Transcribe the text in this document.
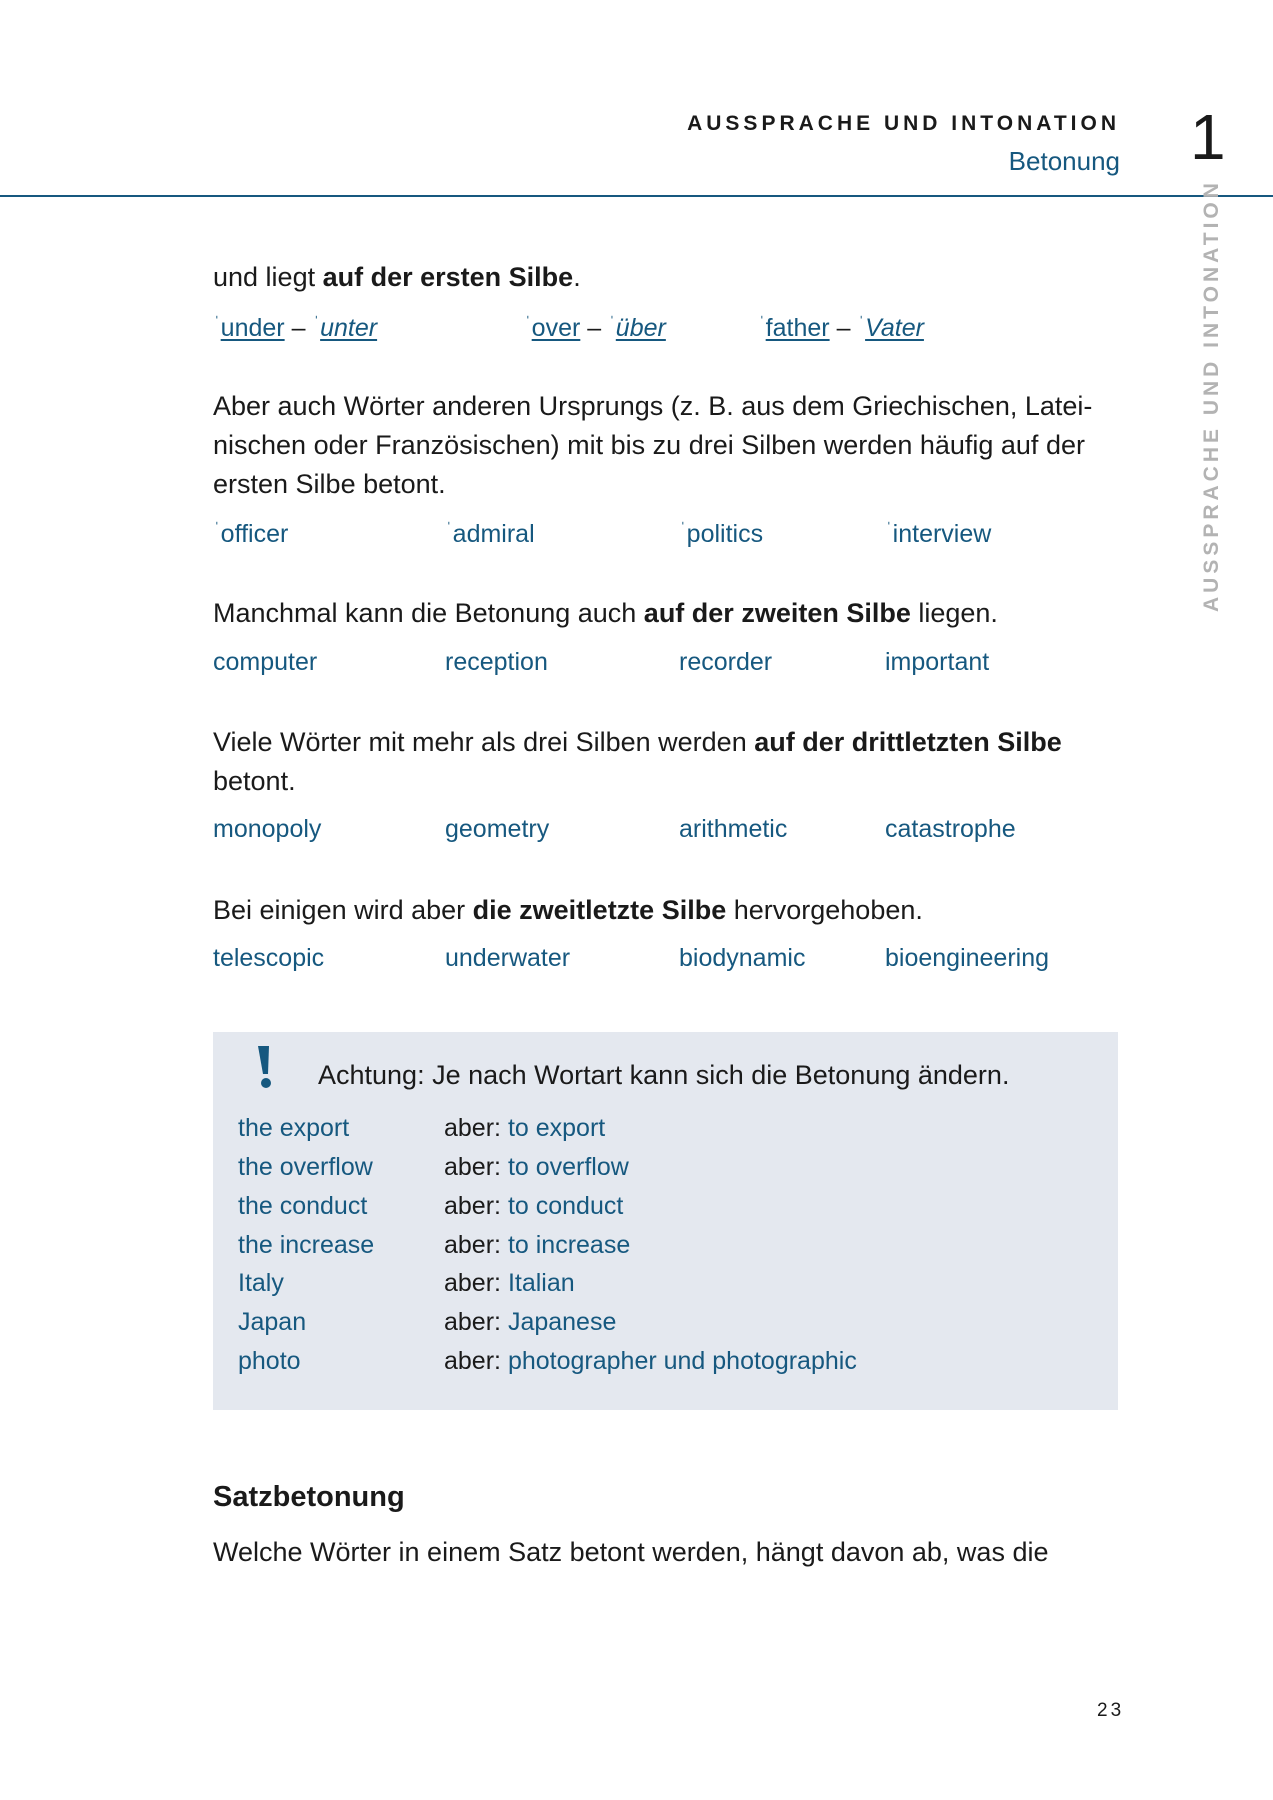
AUSSPRACHE UND INTONATION
Betonung 1
AUSSPRACHE UND INTONATION
und liegt auf der ersten Silbe.
$^ˈ$under – $^ˈ$unter	$^ˈ$over – $^ˈ$über	$^ˈ$father – $^ˈ$Vater
Aber auch Wörter anderen Ursprungs (z. B. aus dem Griechischen, Latei-
nischen oder Französischen) mit bis zu drei Silben werden häufig auf der
ersten Silbe betont.
$^ˈ$officer	$^ˈ$admiral	$^ˈ$politics	$^ˈ$interview
Manchmal kann die Betonung auch auf der zweiten Silbe liegen.
computer	reception	recorder	important
Viele Wörter mit mehr als drei Silben werden auf der drittletzten Silbe
betont.
monopoly	geometry	arithmetic	catastrophe
Bei einigen wird aber die zweitletzte Silbe hervorgehoben.
telescopic	underwater	biodynamic	bioengineering
Achtung: Je nach Wortart kann sich die Betonung ändern.
the export	aber: to export
the overflow	aber: to overflow
the conduct	aber: to conduct
the increase	aber: to increase
Italy	aber: Italian
Japan	aber: Japanese
photo	aber: photographer und photographic
Satzbetonung
Welche Wörter in einem Satz betont werden, hängt davon ab, was die
23
